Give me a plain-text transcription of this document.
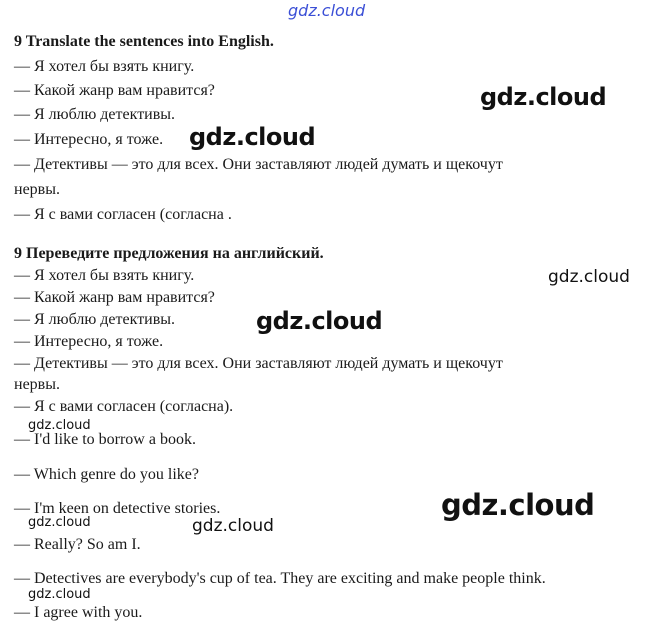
9 Translate the sentences into English.
— Я хотел бы взять книгу.
— Какой жанр вам нравится?
— Я люблю детективы.
— Интересно, я тоже.
— Детективы — это для всех. Они заставляют людей думать и щекочут
нервы.
— Я с вами согласен (согласна .
9 Переведите предложения на английский.
— Я хотел бы взять книгу.
— Какой жанр вам нравится?
— Я люблю детективы.
— Интересно, я тоже.
— Детективы — это для всех. Они заставляют людей думать и щекочут
нервы.
— Я с вами согласен (согласна).
— I'd like to borrow a book.
— Which genre do you like?
— I'm keen on detective stories.
— Really? So am I.
— Detectives are everybody's cup of tea. They are exciting and make people think.
— I agree with you.
gdz.cloud
gdz.cloud
gdz.cloud
gdz.cloud
gdz.cloud
gdz.cloud
gdz.cloud
gdz.cloud	gdz.cloud
gdz.cloud
